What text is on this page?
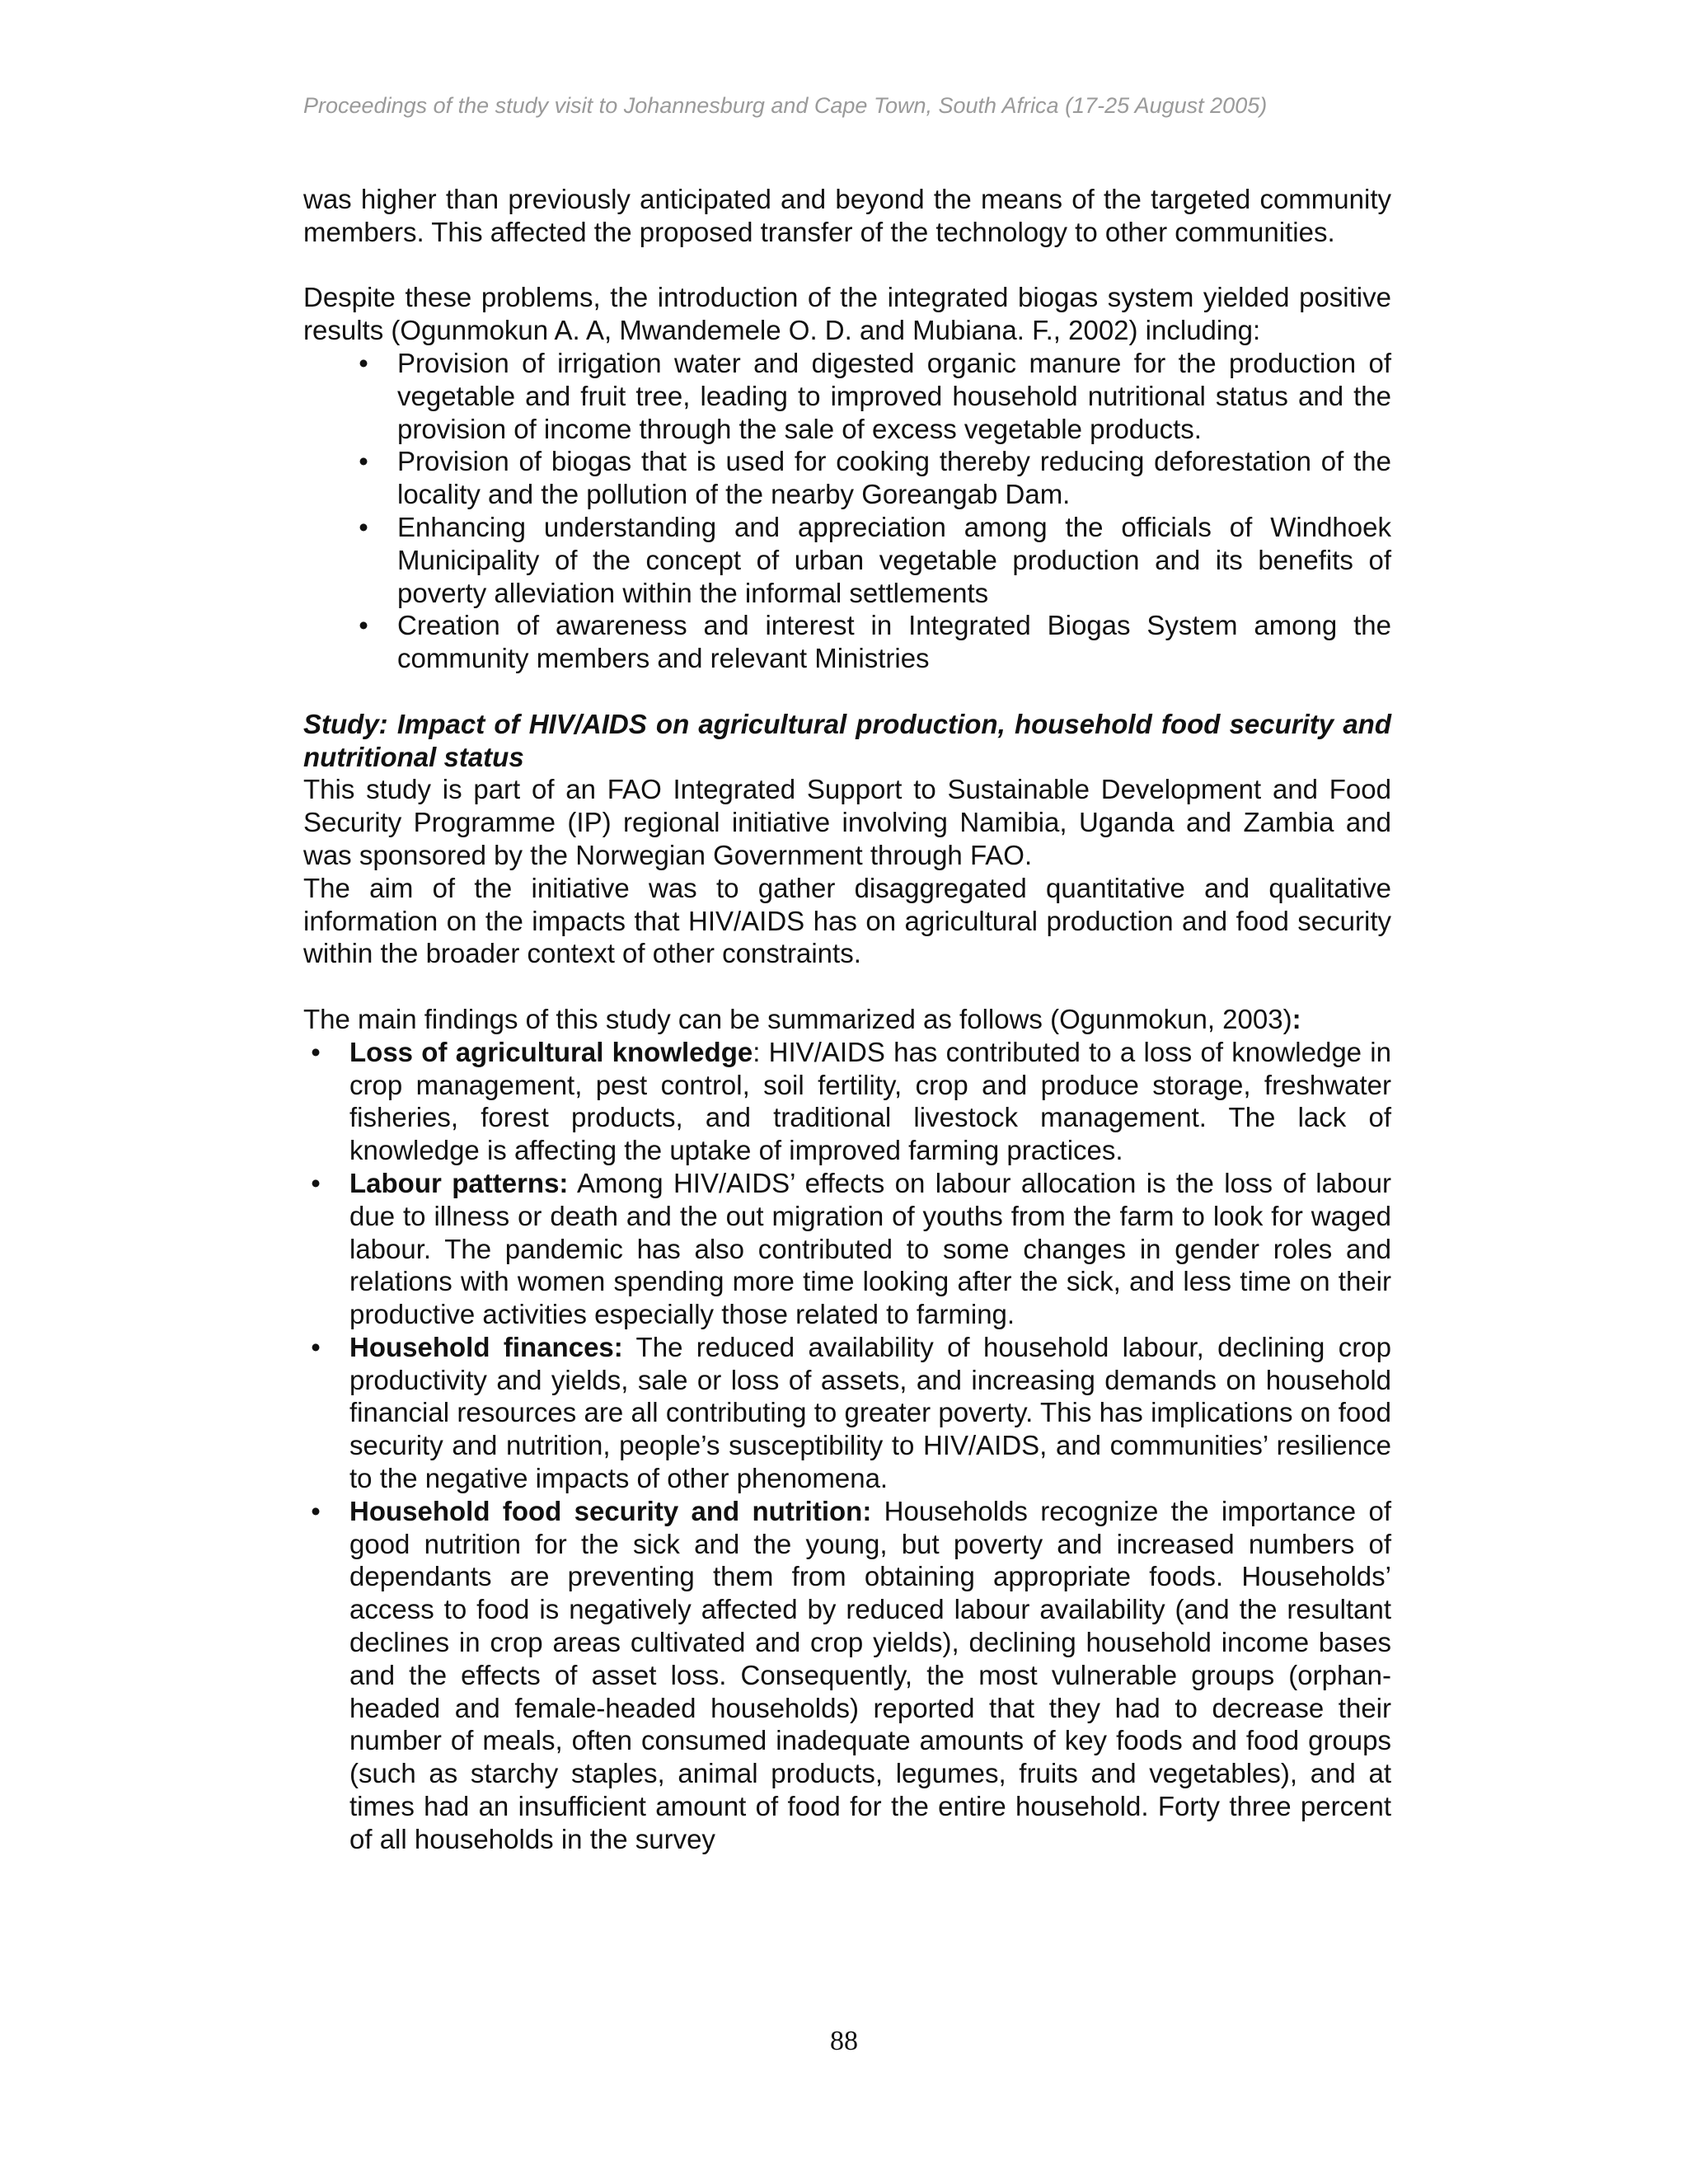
Proceedings of the study visit to Johannesburg and Cape Town, South Africa (17-25 August 2005)

was higher than previously anticipated and beyond the means of the targeted community members. This affected the proposed transfer of the technology to other communities.

Despite these problems, the introduction of the integrated biogas system yielded positive results (Ogunmokun A. A, Mwandemele O. D. and Mubiana. F., 2002) including:

• Provision of irrigation water and digested organic manure for the production of vegetable and fruit tree, leading to improved household nutritional status and the provision of income through the sale of excess vegetable products.
• Provision of biogas that is used for cooking thereby reducing deforestation of the locality and the pollution of the nearby Goreangab Dam.
• Enhancing understanding and appreciation among the officials of Windhoek Municipality of the concept of urban vegetable production and its benefits of poverty alleviation within the informal settlements
• Creation of awareness and interest in Integrated Biogas System among the community members and relevant Ministries

Study: Impact of HIV/AIDS on agricultural production, household food security and nutritional status

This study is part of an FAO Integrated Support to Sustainable Development and Food Security Programme (IP) regional initiative involving Namibia, Uganda and Zambia and was sponsored by the Norwegian Government through FAO.

The aim of the initiative was to gather disaggregated quantitative and qualitative information on the impacts that HIV/AIDS has on agricultural production and food security within the broader context of other constraints.

The main findings of this study can be summarized as follows (Ogunmokun, 2003):

• Loss of agricultural knowledge: HIV/AIDS has contributed to a loss of knowledge in crop management, pest control, soil fertility, crop and produce storage, freshwater fisheries, forest products, and traditional livestock management. The lack of knowledge is affecting the uptake of improved farming practices.
• Labour patterns: Among HIV/AIDS’ effects on labour allocation is the loss of labour due to illness or death and the out migration of youths from the farm to look for waged labour. The pandemic has also contributed to some changes in gender roles and relations with women spending more time looking after the sick, and less time on their productive activities especially those related to farming.
• Household finances: The reduced availability of household labour, declining crop productivity and yields, sale or loss of assets, and increasing demands on household financial resources are all contributing to greater poverty. This has implications on food security and nutrition, people’s susceptibility to HIV/AIDS, and communities’ resilience to the negative impacts of other phenomena.
• Household food security and nutrition: Households recognize the importance of good nutrition for the sick and the young, but poverty and increased numbers of dependants are preventing them from obtaining appropriate foods. Households’ access to food is negatively affected by reduced labour availability (and the resultant declines in crop areas cultivated and crop yields), declining household income bases and the effects of asset loss. Consequently, the most vulnerable groups (orphan-headed and female-headed households) reported that they had to decrease their number of meals, often consumed inadequate amounts of key foods and food groups (such as starchy staples, animal products, legumes, fruits and vegetables), and at times had an insufficient amount of food for the entire household. Forty three percent of all households in the survey
88
